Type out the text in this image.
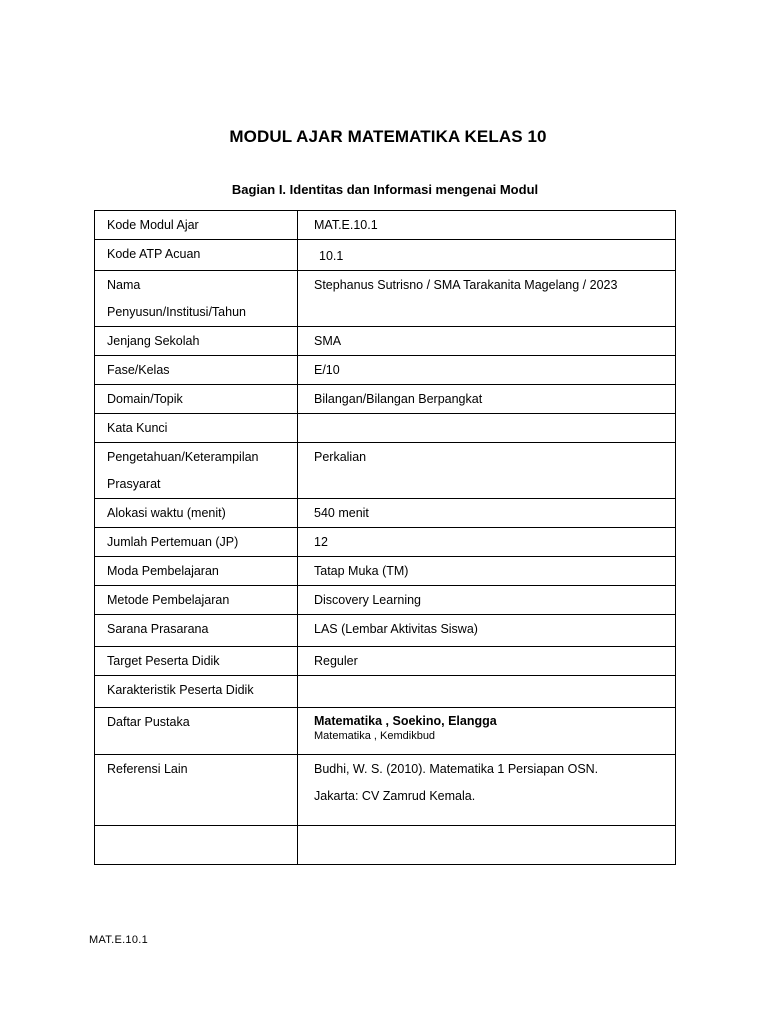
MODUL AJAR MATEMATIKA KELAS 10
Bagian I. Identitas dan Informasi mengenai Modul
Kode Modul Ajar	MAT.E.10.1
Kode ATP Acuan	10.1

Nama
Penyusun/Institusi/Tahun	Stephanus Sutrisno / SMA Tarakanita Magelang / 2023
Jenjang Sekolah	SMA
Fase/Kelas	E/10
Domain/Topik	Bilangan/Bilangan Berpangkat
Kata Kunci	

Pengetahuan/Keterampilan
Prasyarat	Perkalian
Alokasi waktu (menit)	540 menit
Jumlah Pertemuan (JP)	12
Moda Pembelajaran	Tatap Muka (TM)
Metode Pembelajaran	Discovery Learning
Sarana Prasarana	LAS (Lembar Aktivitas Siswa)
Target Peserta Didik	Reguler
Karakteristik Peserta Didik	
Daftar Pustaka	Matematika , Soekino, Elangga
Matematika , Kemdikbud

Referensi Lain	Budhi, W. S. (2010). Matematika 1 Persiapan OSN.
Jakarta: CV Zamrud Kemala.

MAT.E.10.1
